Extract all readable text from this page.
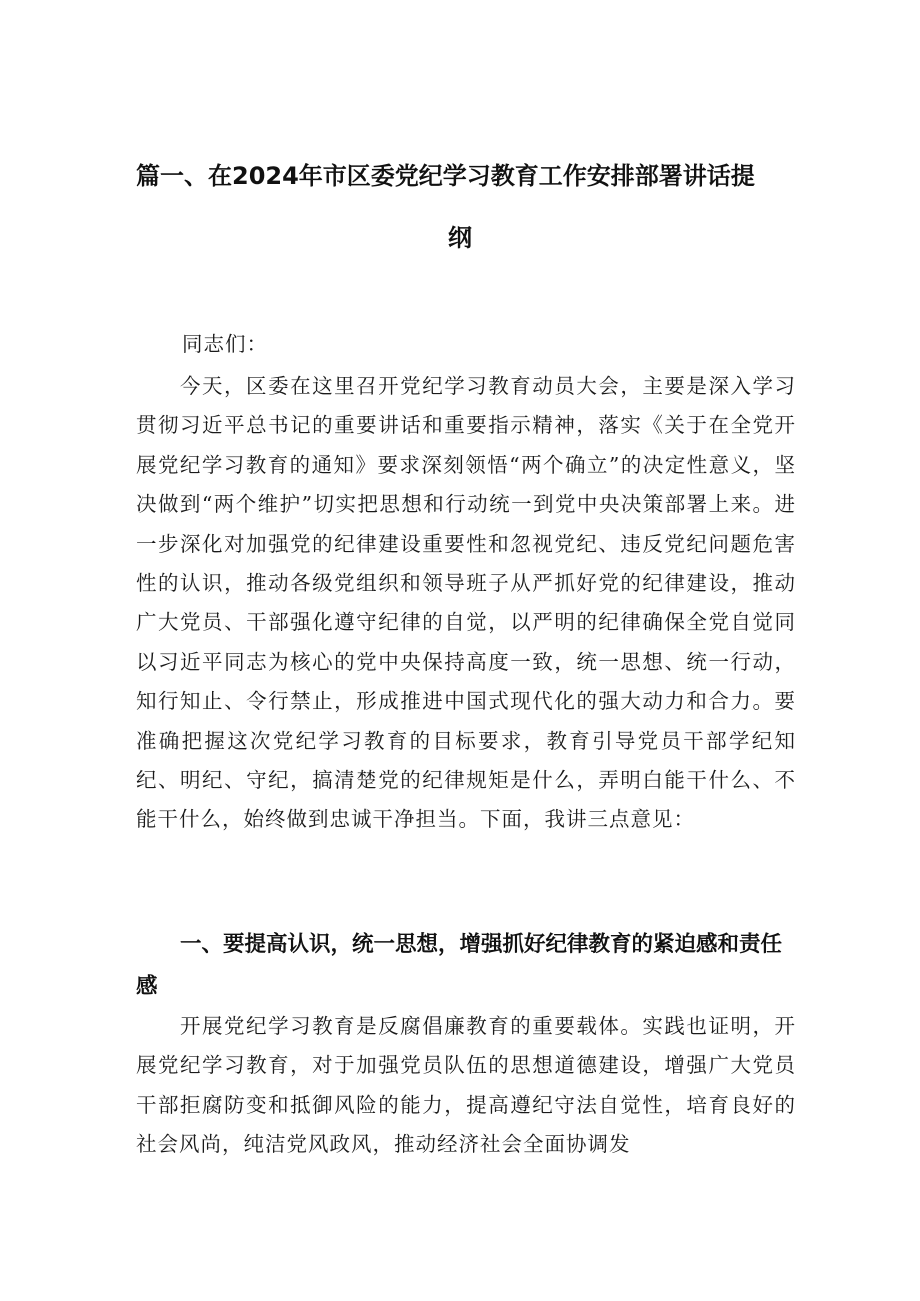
篇一、在2024年市区委党纪学习教育工作安排部署讲话提
纲
同志们：
今天，区委在这里召开党纪学习教育动员大会，主要是深入学习贯彻习近平总书记的重要讲话和重要指示精神，落实《关于在全党开展党纪学习教育的通知》要求深刻领悟“两个确立”的决定性意义，坚决做到“两个维护”切实把思想和行动统一到党中央决策部署上来。进一步深化对加强党的纪律建设重要性和忽视党纪、违反党纪问题危害性的认识，推动各级党组织和领导班子从严抓好党的纪律建设，推动广大党员、干部强化遵守纪律的自觉，以严明的纪律确保全党自觉同以习近平同志为核心的党中央保持高度一致，统一思想、统一行动，知行知止、令行禁止，形成推进中国式现代化的强大动力和合力。要准确把握这次党纪学习教育的目标要求，教育引导党员干部学纪知纪、明纪、守纪，搞清楚党的纪律规矩是什么，弄明白能干什么、不能干什么，始终做到忠诚干净担当。下面，我讲三点意见：
一、要提高认识，统一思想，增强抓好纪律教育的紧迫感和责任感
开展党纪学习教育是反腐倡廉教育的重要载体。实践也证明，开展党纪学习教育，对于加强党员队伍的思想道德建设，增强广大党员干部拒腐防变和抵御风险的能力，提高遵纪守法自觉性，培育良好的社会风尚，纯洁党风政风，推动经济社会全面协调发
